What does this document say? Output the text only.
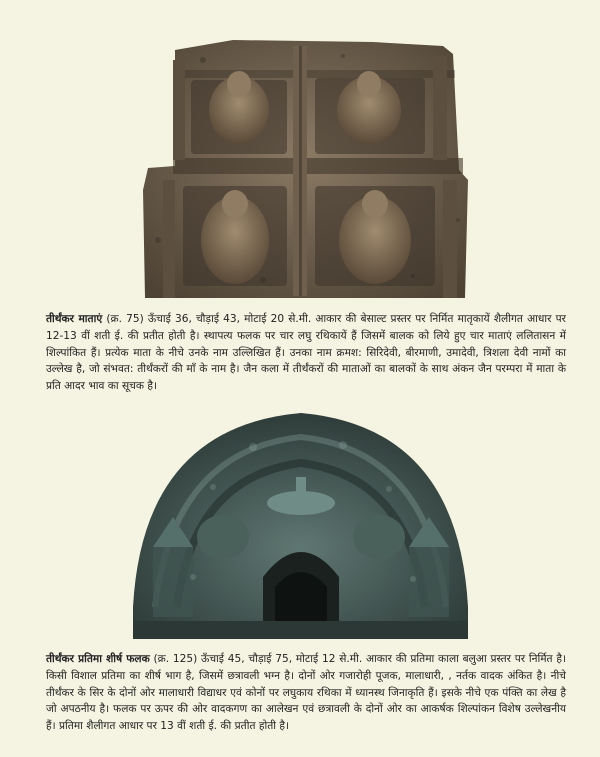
तीर्थंकर माताएं (क्र. 75) ऊँचाई 36, चौड़ाई 43, मोटाई 20 से.मी. आकार की बेसाल्ट प्रस्तर पर निर्मित मातृकायें शैलीगत आधार पर 12-13 वीं शती ई. की प्रतीत होती है। स्थापत्य फलक पर चार लघु रथिकायें हैं जिसमें बालक को लिये हुए चार माताएं ललितासन में शिल्पांकित हैं। प्रत्येक माता के नीचे उनके नाम उल्लिखित हैं। उनका नाम क्रमश: सिरिदेवी, बीरमाणी, उमादेवी, त्रिशला देवी नामों का उल्लेख है, जो संभवत: तीर्थंकरों की माँ के नाम है। जैन कला में तीर्थंकरों की माताओं का बालकों के साथ अंकन जैन परम्परा में माता के प्रति आदर भाव का सूचक है।
तीर्थंकर प्रतिमा शीर्ष फलक (क्र. 125) ऊँचाई 45, चौड़ाई 75, मोटाई 12 से.मी. आकार की प्रतिमा काला बलुआ प्रस्तर पर निर्मित है। किसी विशाल प्रतिमा का शीर्ष भाग है, जिसमें छत्रावली भग्न है। दोनों ओर गजारोही पूजक, मालाधारी, , नर्तक वादक अंकित है। नीचे तीर्थंकर के सिर के दोनों ओर मालाधारी विद्याधर एवं कोनों पर लघुकाय रथिका में ध्यानस्थ जिनाकृति हैं। इसके नीचे एक पंक्ति का लेख है जो अपठनीय है। फलक पर ऊपर की ओर वादकगण का आलेखन एवं छत्रावली के दोनों ओर का आकर्षक शिल्पांकन विशेष उल्लेखनीय हैं। प्रतिमा शैलीगत आधार पर 13 वीं शती ई. की प्रतीत होती है।
